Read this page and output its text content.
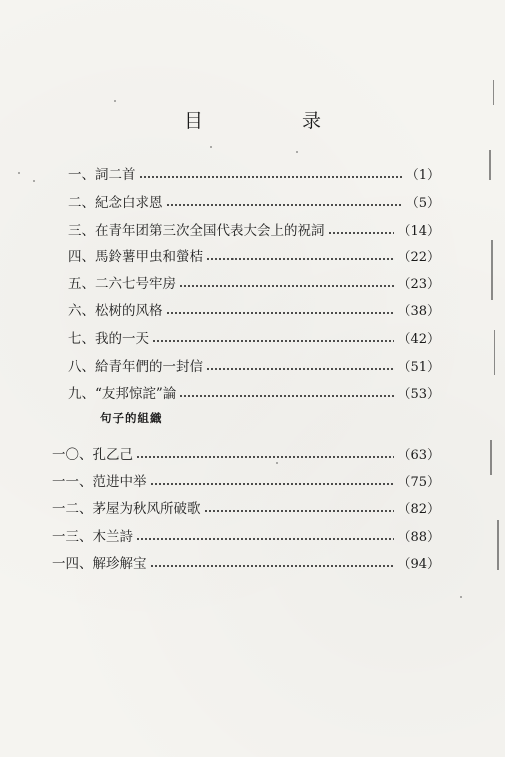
目　录
一、詞二首	（1）
二、紀念白求恩	（5）
三、在青年团第三次全国代表大会上的祝詞	（14）
四、馬鈴薯甲虫和螢桔	（22）
五、二六七号牢房	（23）
六、松树的风格	（38）
七、我的一天	（42）
八、給青年們的一封信	（51）
九、“友邦惊詫”論	（53）
句子的組織
一〇、孔乙己	（63）
一一、范进中举	（75）
一二、茅屋为秋风所破歌	（82）
一三、木兰詩	（88）
一四、解珍解宝	（94）
